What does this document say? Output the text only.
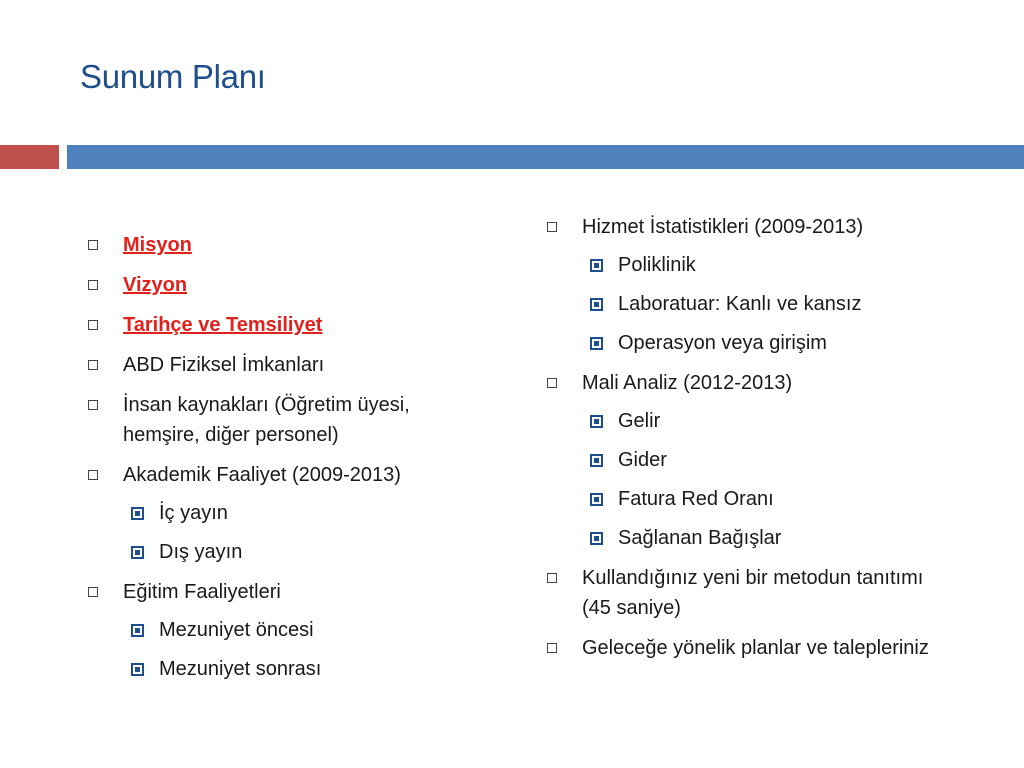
Sunum Planı
Misyon
Vizyon
Tarihçe ve Temsiliyet
ABD Fiziksel İmkanları
İnsan kaynakları (Öğretim üyesi, hemşire, diğer personel)
Akademik Faaliyet (2009-2013)
İç yayın
Dış yayın
Eğitim Faaliyetleri
Mezuniyet öncesi
Mezuniyet sonrası
Hizmet İstatistikleri (2009-2013)
Poliklinik
Laboratuar: Kanlı ve kansız
Operasyon veya girişim
Mali Analiz (2012-2013)
Gelir
Gider
Fatura Red Oranı
Sağlanan Bağışlar
Kullandığınız yeni bir metodun tanıtımı (45 saniye)
Geleceğe yönelik planlar ve talepleriniz
